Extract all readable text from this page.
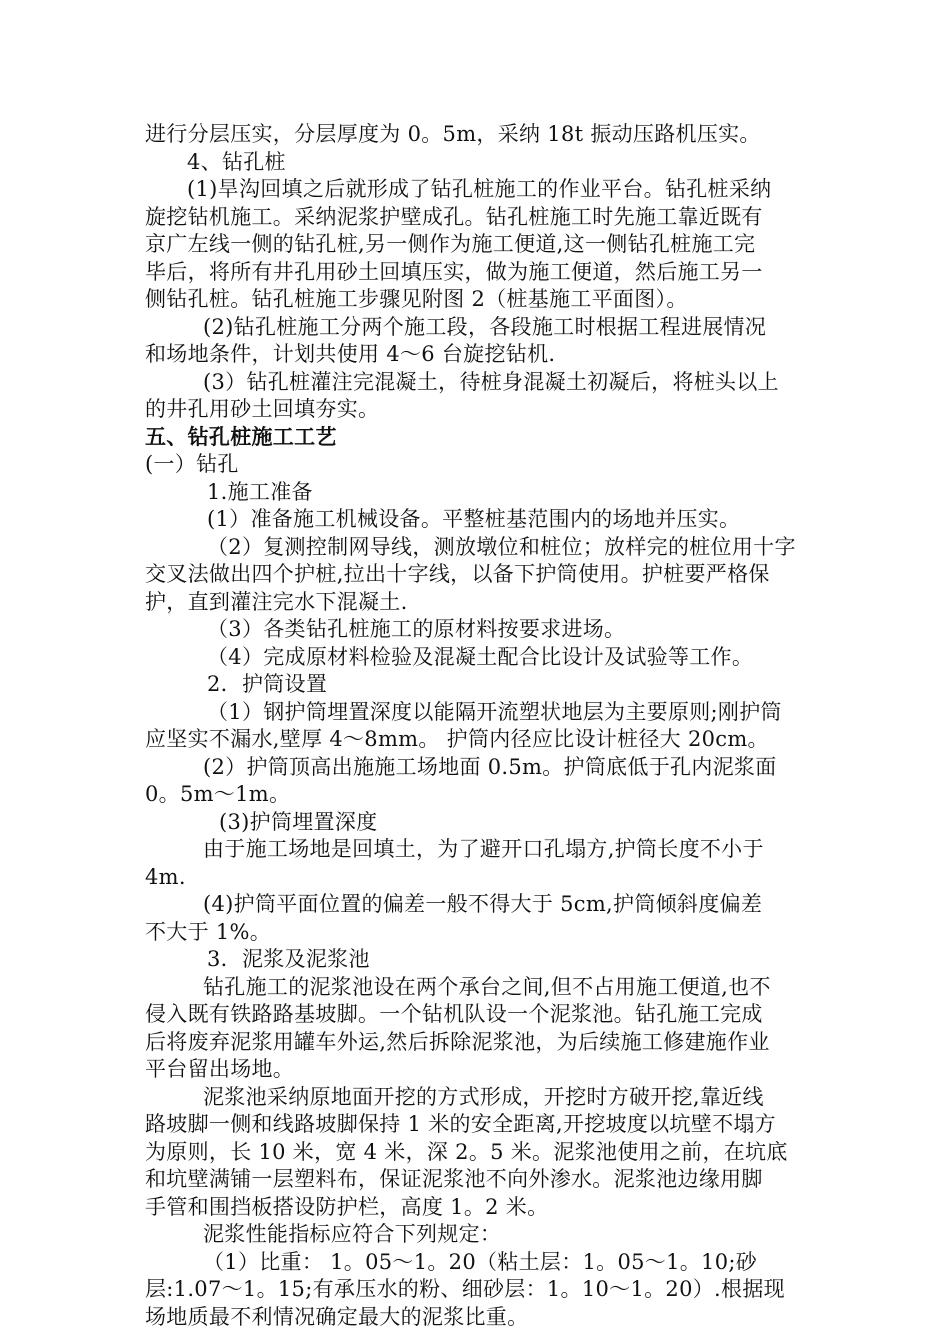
进行分层压实，分层厚度为 0。5m，采纳 18t 振动压路机压实。
4、钻孔桩
(1)旱沟回填之后就形成了钻孔桩施工的作业平台。钻孔桩采纳
旋挖钻机施工。采纳泥浆护壁成孔。钻孔桩施工时先施工靠近既有
京广左线一侧的钻孔桩,另一侧作为施工便道,这一侧钻孔桩施工完
毕后，将所有井孔用砂土回填压实，做为施工便道，然后施工另一
侧钻孔桩。钻孔桩施工步骤见附图 2（桩基施工平面图）。
(2)钻孔桩施工分两个施工段，各段施工时根据工程进展情况
和场地条件，计划共使用 4～6 台旋挖钻机.
(3）钻孔桩灌注完混凝土，待桩身混凝土初凝后，将桩头以上
的井孔用砂土回填夯实。
五、钻孔桩施工工艺
(一）钻孔
1.施工准备
(1）准备施工机械设备。平整桩基范围内的场地并压实。
（2）复测控制网导线，测放墩位和桩位；放样完的桩位用十字
交叉法做出四个护桩,拉出十字线，以备下护筒使用。护桩要严格保
护，直到灌注完水下混凝土.
（3）各类钻孔桩施工的原材料按要求进场。
（4）完成原材料检验及混凝土配合比设计及试验等工作。
2．护筒设置
（1）钢护筒埋置深度以能隔开流塑状地层为主要原则;刚护筒
应坚实不漏水,壁厚 4～8mm。 护筒内径应比设计桩径大 20cm。
(2）护筒顶高出施施工场地面 0.5m。护筒底低于孔内泥浆面
0。5m～1m。
(3)护筒埋置深度
由于施工场地是回填土，为了避开口孔塌方,护筒长度不小于
4m.
(4)护筒平面位置的偏差一般不得大于 5cm,护筒倾斜度偏差
不大于 1%。
3．泥浆及泥浆池
钻孔施工的泥浆池设在两个承台之间,但不占用施工便道,也不
侵入既有铁路路基坡脚。一个钻机队设一个泥浆池。钻孔施工完成
后将废弃泥浆用罐车外运,然后拆除泥浆池，为后续施工修建施作业
平台留出场地。
泥浆池采纳原地面开挖的方式形成，开挖时方破开挖,靠近线
路坡脚一侧和线路坡脚保持 1 米的安全距离,开挖坡度以坑壁不塌方
为原则，长 10 米，宽 4 米，深 2。5 米。泥浆池使用之前，在坑底
和坑壁满铺一层塑料布，保证泥浆池不向外渗水。泥浆池边缘用脚
手管和围挡板搭设防护栏，高度 1。2 米。
泥浆性能指标应符合下列规定：
（1）比重： 1。05～1。20（粘土层：1。05～1。10;砂
层:1.07～1。15;有承压水的粉、细砂层：1。10～1。20）.根据现
场地质最不利情况确定最大的泥浆比重。
